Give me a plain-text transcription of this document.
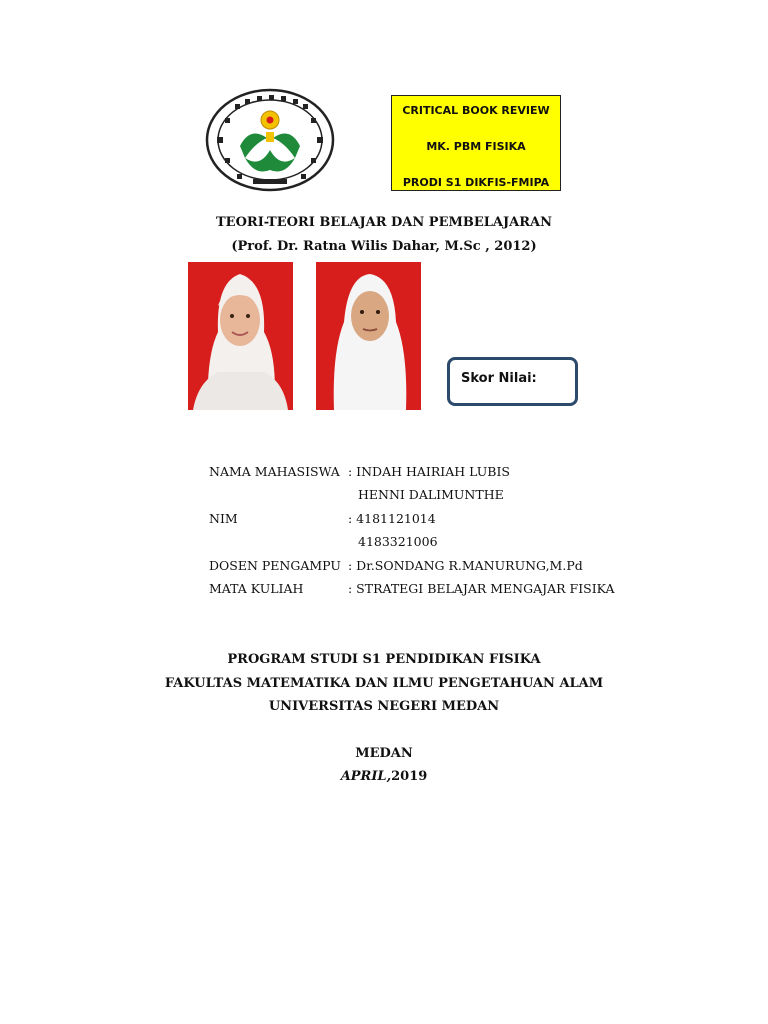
CRITICAL BOOK REVIEW
MK. PBM FISIKA
PRODI S1 DIKFIS-FMIPA
TEORI-TEORI BELAJAR DAN PEMBELAJARAN
(Prof. Dr. Ratna Wilis Dahar, M.Sc , 2012)
Skor Nilai:
NAMA MAHASISWA : INDAH HAIRIAH LUBIS
HENNI DALIMUNTHE
NIM	: 4181121014
4183321006
DOSEN PENGAMPU : Dr.SONDANG R.MANURUNG,M.Pd
MATA KULIAH	: STRATEGI BELAJAR MENGAJAR FISIKA
PROGRAM STUDI S1 PENDIDIKAN FISIKA
FAKULTAS MATEMATIKA DAN ILMU PENGETAHUAN ALAM
UNIVERSITAS NEGERI MEDAN
MEDAN
APRIL,2019
